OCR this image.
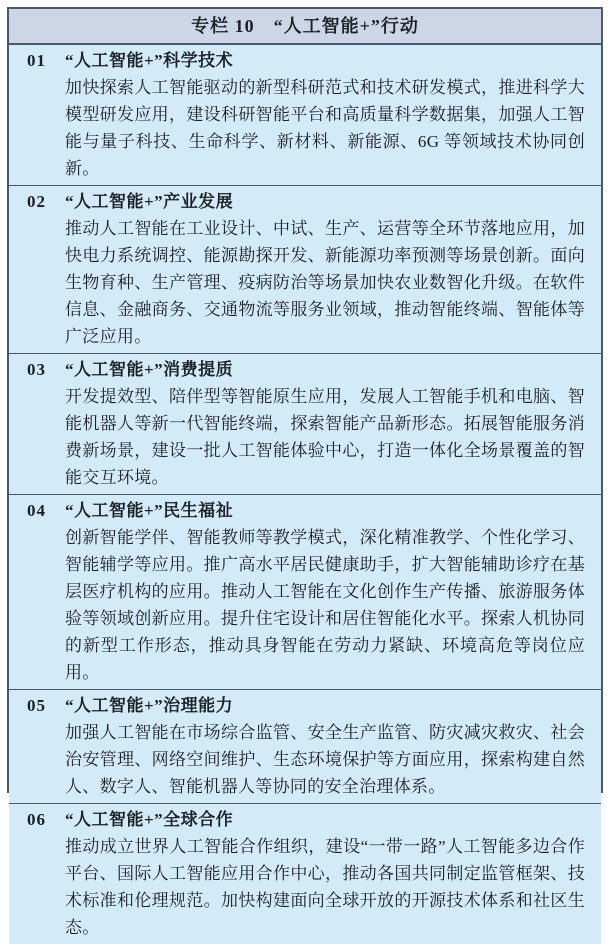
专栏 10　“人工智能+”行动
01 “人工智能+”科学技术

加快探索人工智能驱动的新型科研范式和技术研发模式，推进科学大模型研发应用，建设科研智能平台和高质量科学数据集，加强人工智能与量子科技、生命科学、新材料、新能源、6G 等领域技术协同创新。

02 “人工智能+”产业发展

推动人工智能在工业设计、中试、生产、运营等全环节落地应用，加快电力系统调控、能源勘探开发、新能源功率预测等场景创新。面向生物育种、生产管理、疫病防治等场景加快农业数智化升级。在软件信息、金融商务、交通物流等服务业领域，推动智能终端、智能体等广泛应用。

03 “人工智能+”消费提质

开发提效型、陪伴型等智能原生应用，发展人工智能手机和电脑、智能机器人等新一代智能终端，探索智能产品新形态。拓展智能服务消费新场景，建设一批人工智能体验中心，打造一体化全场景覆盖的智能交互环境。

04 “人工智能+”民生福祉

创新智能学伴、智能教师等教学模式，深化精准教学、个性化学习、智能辅学等应用。推广高水平居民健康助手，扩大智能辅助诊疗在基层医疗机构的应用。推动人工智能在文化创作生产传播、旅游服务体验等领域创新应用。提升住宅设计和居住智能化水平。探索人机协同的新型工作形态，推动具身智能在劳动力紧缺、环境高危等岗位应用。

05 “人工智能+”治理能力

加强人工智能在市场综合监管、安全生产监管、防灾减灾救灾、社会治安管理、网络空间维护、生态环境保护等方面应用，探索构建自然人、数字人、智能机器人等协同的安全治理体系。

06 “人工智能+”全球合作

推动成立世界人工智能合作组织，建设“一带一路”人工智能多边合作平台、国际人工智能应用合作中心，推动各国共同制定监管框架、技术标准和伦理规范。加快构建面向全球开放的开源技术体系和社区生态。
